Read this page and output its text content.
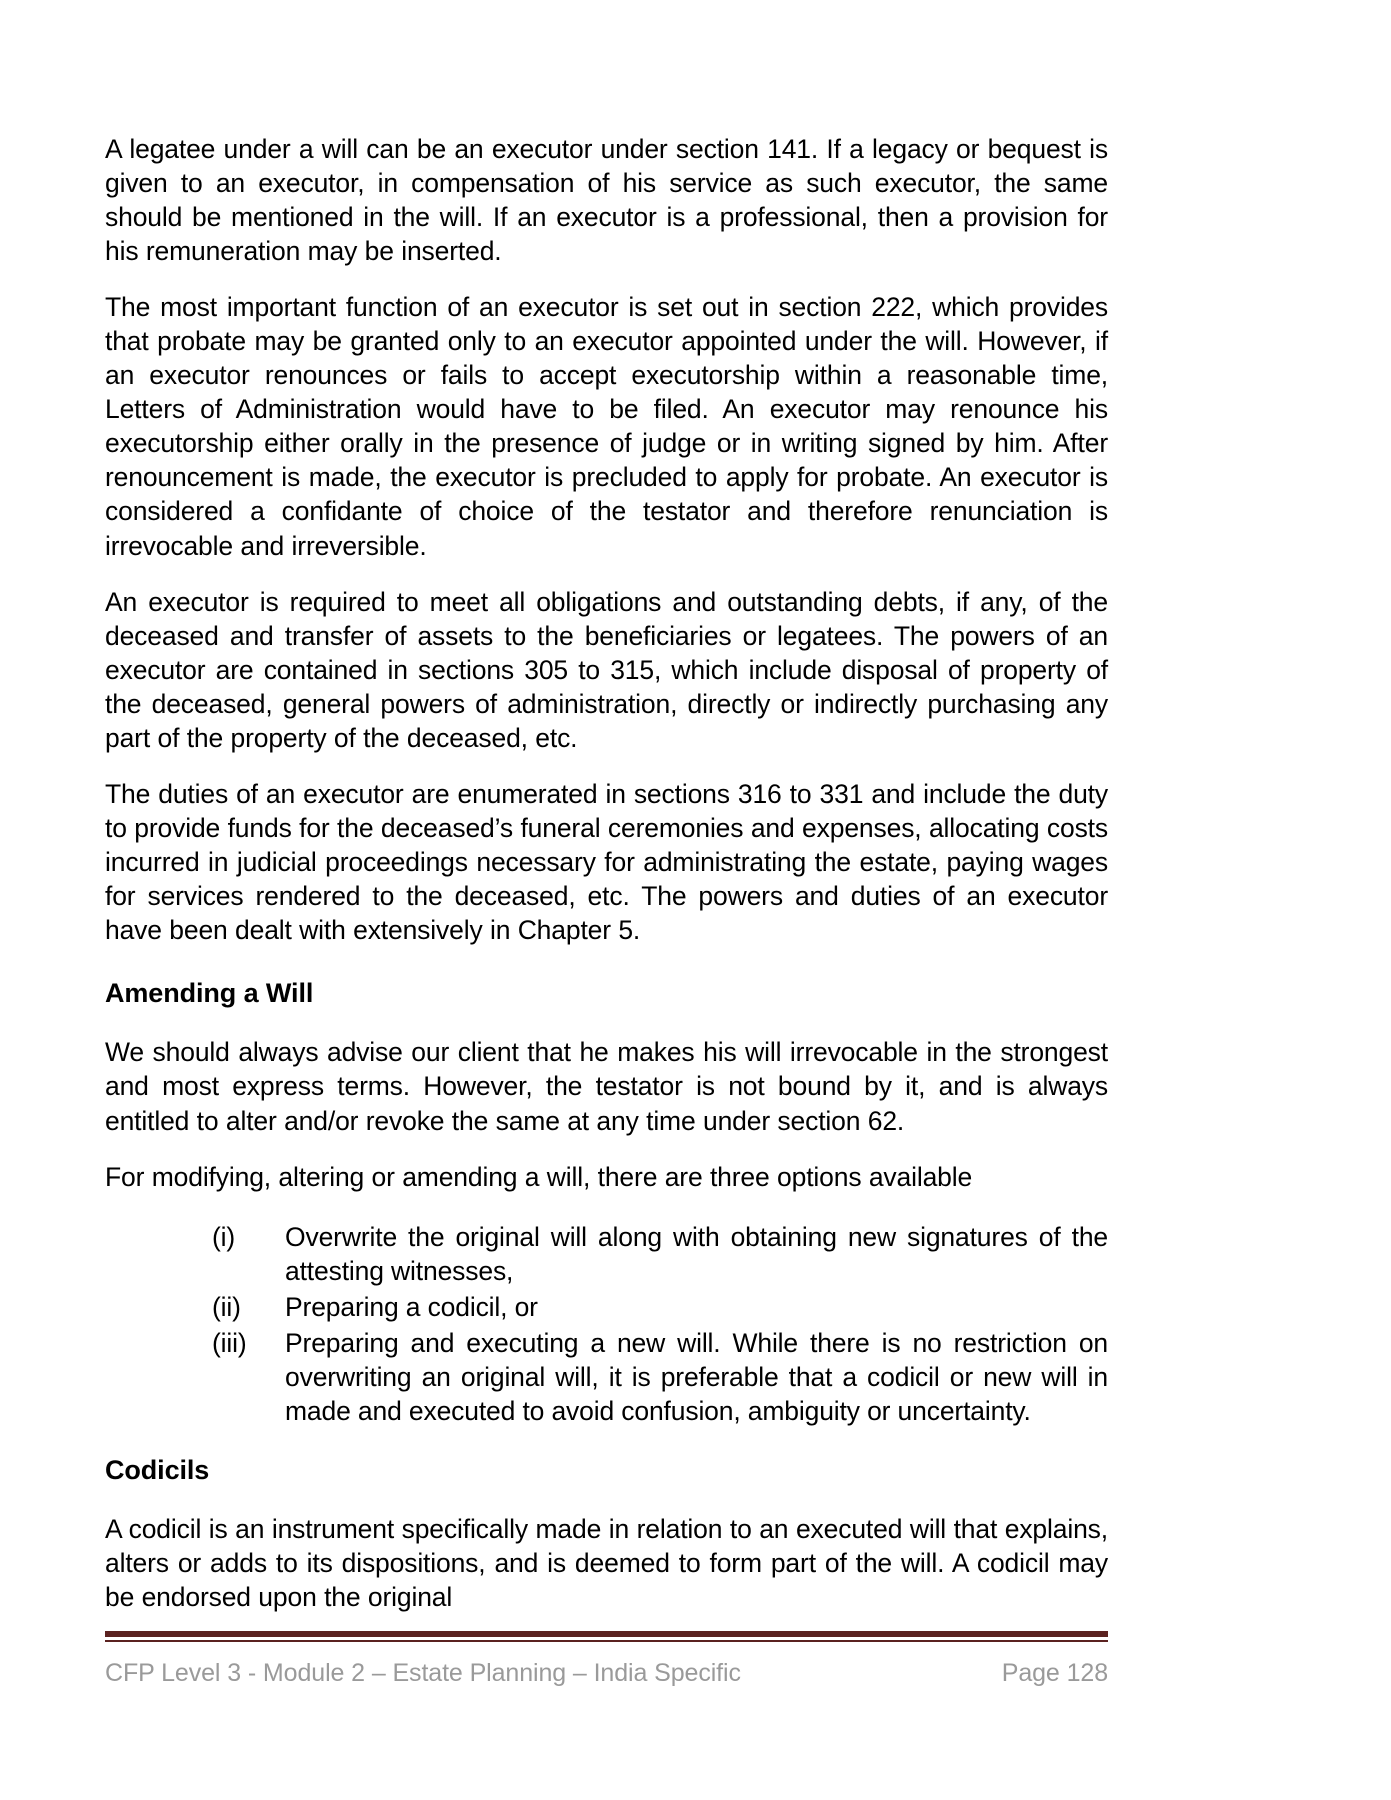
A legatee under a will can be an executor under section 141. If a legacy or bequest is given to an executor, in compensation of his service as such executor, the same should be mentioned in the will. If an executor is a professional, then a provision for his remuneration may be inserted.

The most important function of an executor is set out in section 222, which provides that probate may be granted only to an executor appointed under the will. However, if an executor renounces or fails to accept executorship within a reasonable time, Letters of Administration would have to be filed. An executor may renounce his executorship either orally in the presence of judge or in writing signed by him. After renouncement is made, the executor is precluded to apply for probate. An executor is considered a confidante of choice of the testator and therefore renunciation is irrevocable and irreversible.

An executor is required to meet all obligations and outstanding debts, if any, of the deceased and transfer of assets to the beneficiaries or legatees. The powers of an executor are contained in sections 305 to 315, which include disposal of property of the deceased, general powers of administration, directly or indirectly purchasing any part of the property of the deceased, etc.

The duties of an executor are enumerated in sections 316 to 331 and include the duty to provide funds for the deceased’s funeral ceremonies and expenses, allocating costs incurred in judicial proceedings necessary for administrating the estate, paying wages for services rendered to the deceased, etc. The powers and duties of an executor have been dealt with extensively in Chapter 5.

Amending a Will

We should always advise our client that he makes his will irrevocable in the strongest and most express terms. However, the testator is not bound by it, and is always entitled to alter and/or revoke the same at any time under section 62.

For modifying, altering or amending a will, there are three options available

(i)	Overwrite the original will along with obtaining new signatures of the attesting witnesses,
(ii)	Preparing a codicil, or
(iii)	Preparing and executing a new will. While there is no restriction on overwriting an original will, it is preferable that a codicil or new will in made and executed to avoid confusion, ambiguity or uncertainty.
Codicils

A codicil is an instrument specifically made in relation to an executed will that explains, alters or adds to its dispositions, and is deemed to form part of the will. A codicil may be endorsed upon the original

CFP Level 3 - Module 2 – Estate Planning – India Specific	Page 128
